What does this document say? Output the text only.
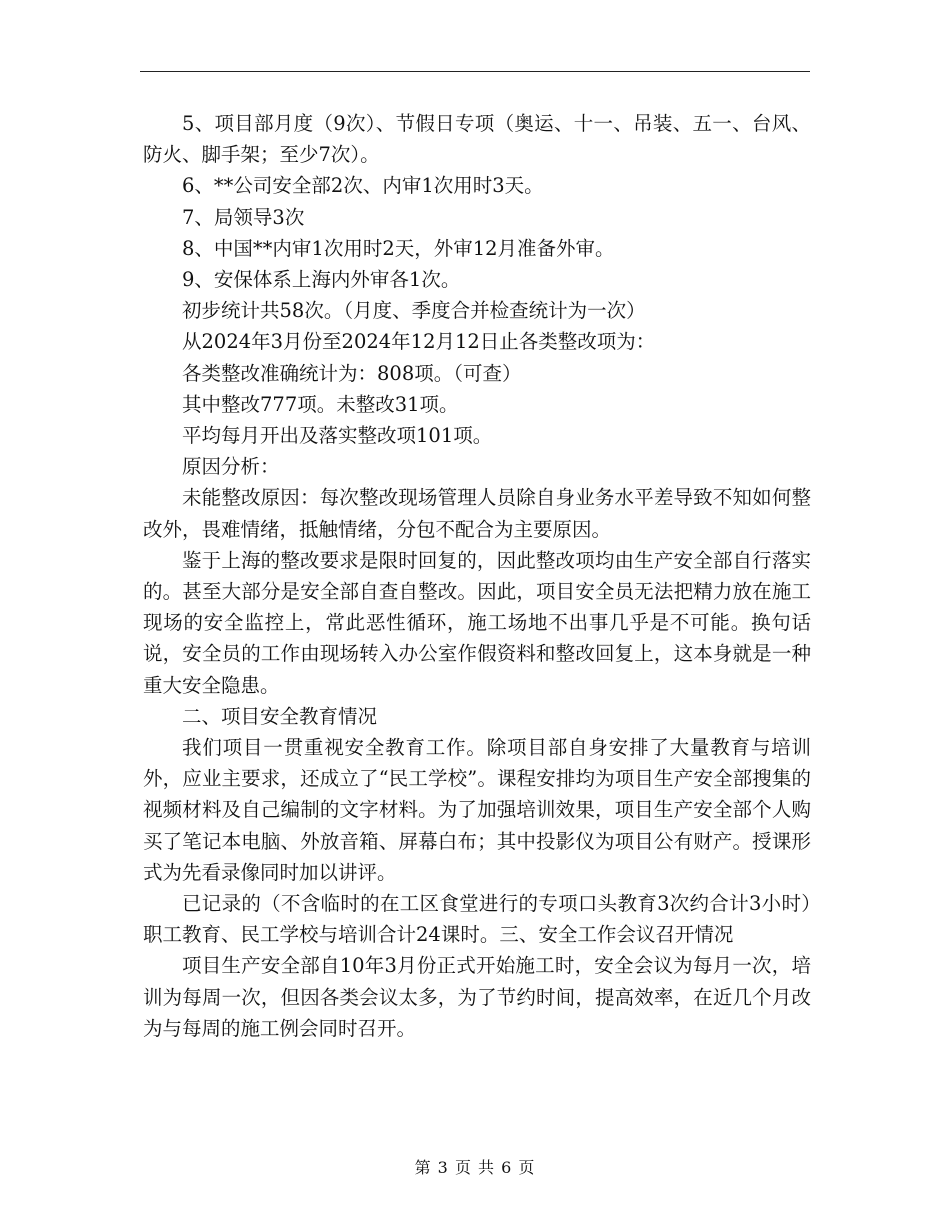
5、项目部月度（9次）、节假日专项（奥运、十一、吊装、五一、台风、防火、脚手架；至少7次）。

6、**公司安全部2次、内审1次用时3天。

7、局领导3次

8、中国**内审1次用时2天，外审12月准备外审。

9、安保体系上海内外审各1次。

初步统计共58次。（月度、季度合并检查统计为一次）

从2024年3月份至2024年12月12日止各类整改项为：

各类整改准确统计为：808项。（可查）

其中整改777项。未整改31项。

平均每月开出及落实整改项101项。

原因分析：

未能整改原因：每次整改现场管理人员除自身业务水平差导致不知如何整改外，畏难情绪，抵触情绪，分包不配合为主要原因。

鉴于上海的整改要求是限时回复的，因此整改项均由生产安全部自行落实的。甚至大部分是安全部自查自整改。因此，项目安全员无法把精力放在施工现场的安全监控上，常此恶性循环，施工场地不出事几乎是不可能。换句话说，安全员的工作由现场转入办公室作假资料和整改回复上，这本身就是一种重大安全隐患。

二、项目安全教育情况

我们项目一贯重视安全教育工作。除项目部自身安排了大量教育与培训外，应业主要求，还成立了“民工学校”。课程安排均为项目生产安全部搜集的视频材料及自己编制的文字材料。为了加强培训效果，项目生产安全部个人购买了笔记本电脑、外放音箱、屏幕白布；其中投影仪为项目公有财产。授课形式为先看录像同时加以讲评。

已记录的（不含临时的在工区食堂进行的专项口头教育3次约合计3小时）职工教育、民工学校与培训合计24课时。三、安全工作会议召开情况

项目生产安全部自10年3月份正式开始施工时，安全会议为每月一次，培训为每周一次，但因各类会议太多，为了节约时间，提高效率，在近几个月改为与每周的施工例会同时召开。

第 3 页 共 6 页
